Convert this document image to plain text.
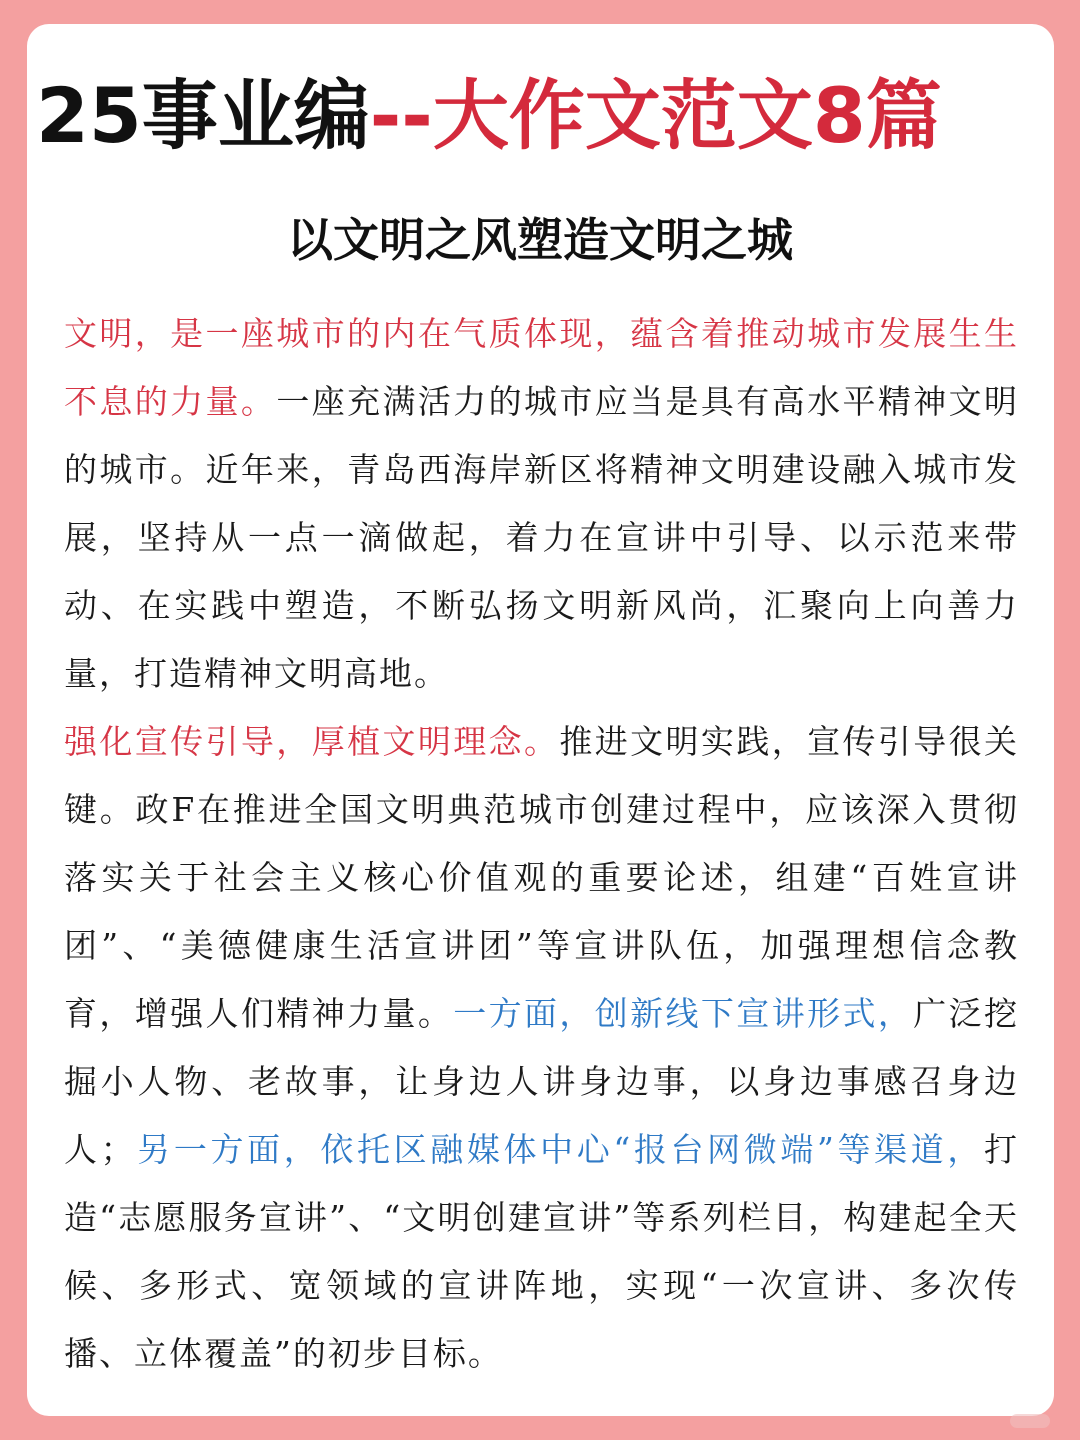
25事业编--大作文范文8篇
以文明之风塑造文明之城

文明，是一座城市的内在气质体现，蕴含着推动城市发展生生不息的力量。一座充满活力的城市应当是具有高水平精神文明的城市。近年来，青岛西海岸新区将精神文明建设融入城市发展，坚持从一点一滴做起，着力在宣讲中引导、以示范来带动、在实践中塑造，不断弘扬文明新风尚，汇聚向上向善力量，打造精神文明高地。

强化宣传引导，厚植文明理念。推进文明实践，宣传引导很关键。政F在推进全国文明典范城市创建过程中，应该深入贯彻落实关于社会主义核心价值观的重要论述，组建“百姓宣讲团”、“美德健康生活宣讲团”等宣讲队伍，加强理想信念教育，增强人们精神力量。一方面，创新线下宣讲形式，广泛挖掘小人物、老故事，让身边人讲身边事，以身边事感召身边人；另一方面，依托区融媒体中心“报台网微端”等渠道，打造“志愿服务宣讲”、“文明创建宣讲”等系列栏目，构建起全天候、多形式、宽领域的宣讲阵地，实现“一次宣讲、多次传播、立体覆盖”的初步目标。
